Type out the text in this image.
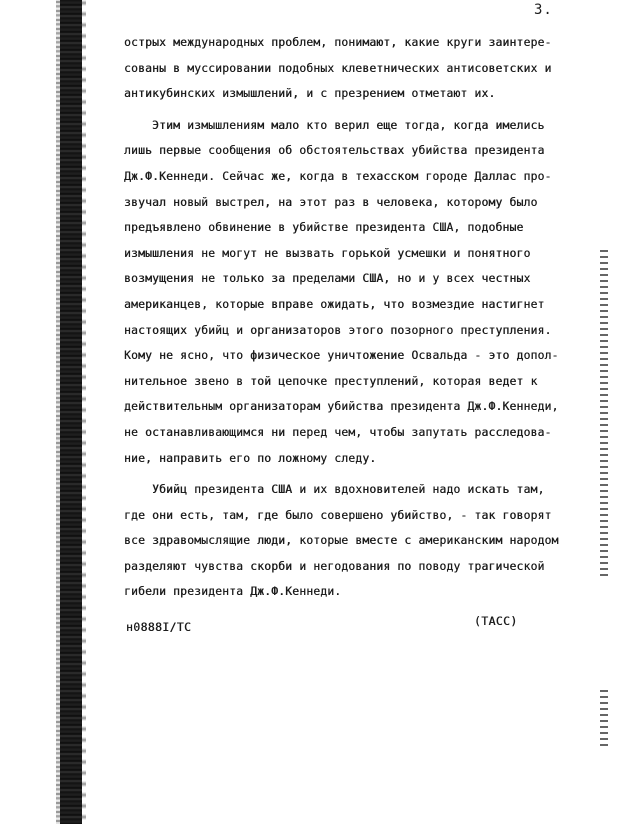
3.
острых международных проблем, понимают, какие круги заинтере-
сованы в муссировании подобных клеветнических антисоветских и
антикубинских измышлений, и с презрением отметают их.
Этим измышлениям мало кто верил еще тогда, когда имелись
лишь первые сообщения об обстоятельствах убийства президента
Дж.Ф.Кеннеди. Сейчас же, когда в техасском городе Даллас про-
звучал новый выстрел, на этот раз в человека, которому было
предъявлено обвинение в убийстве президента США, подобные
измышления не могут не вызвать горькой усмешки и понятного
возмущения не только за пределами США, но и у всех честных
американцев, которые вправе ожидать, что возмездие настигнет
настоящих убийц и организаторов этого позорного преступления.
Кому не ясно, что физическое уничтожение Освальда - это допол-
нительное звено в той цепочке преступлений, которая ведет к
действительным организаторам убийства президента Дж.Ф.Кеннеди,
не останавливающимся ни перед чем, чтобы запутать расследова-
ние, направить его по ложному следу.
Убийц президента США и их вдохновителей надо искать там,
где они есть, там, где было совершено убийство, - так говорят
все здравомыслящие люди, которые вместе с американским народом
разделяют чувства скорби и негодования по поводу трагической
гибели президента Дж.Ф.Кеннеди.
н0888I/ТС	(ТАСС)
